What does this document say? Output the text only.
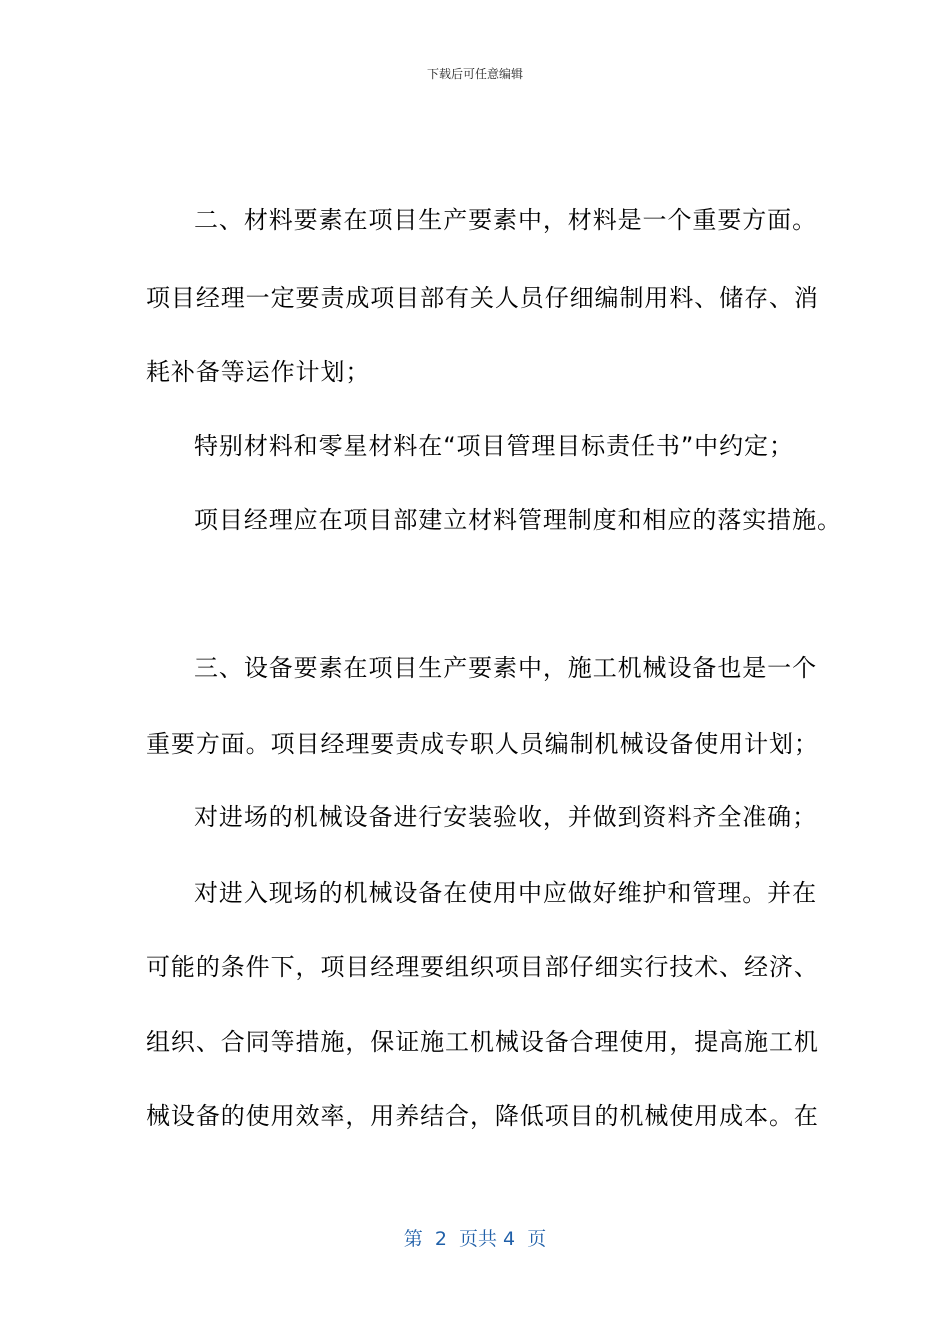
下载后可任意编辑
二、材料要素在项目生产要素中，材料是一个重要方面。
项目经理一定要责成项目部有关人员仔细编制用料、储存、消
耗补备等运作计划；
特别材料和零星材料在“项目管理目标责任书”中约定；
项目经理应在项目部建立材料管理制度和相应的落实措施。
三、设备要素在项目生产要素中，施工机械设备也是一个
重要方面。项目经理要责成专职人员编制机械设备使用计划；
对进场的机械设备进行安装验收，并做到资料齐全准确；
对进入现场的机械设备在使用中应做好维护和管理。并在
可能的条件下，项目经理要组织项目部仔细实行技术、经济、
组织、合同等措施，保证施工机械设备合理使用，提高施工机
械设备的使用效率，用养结合，降低项目的机械使用成本。在
第  2  页共 4  页
